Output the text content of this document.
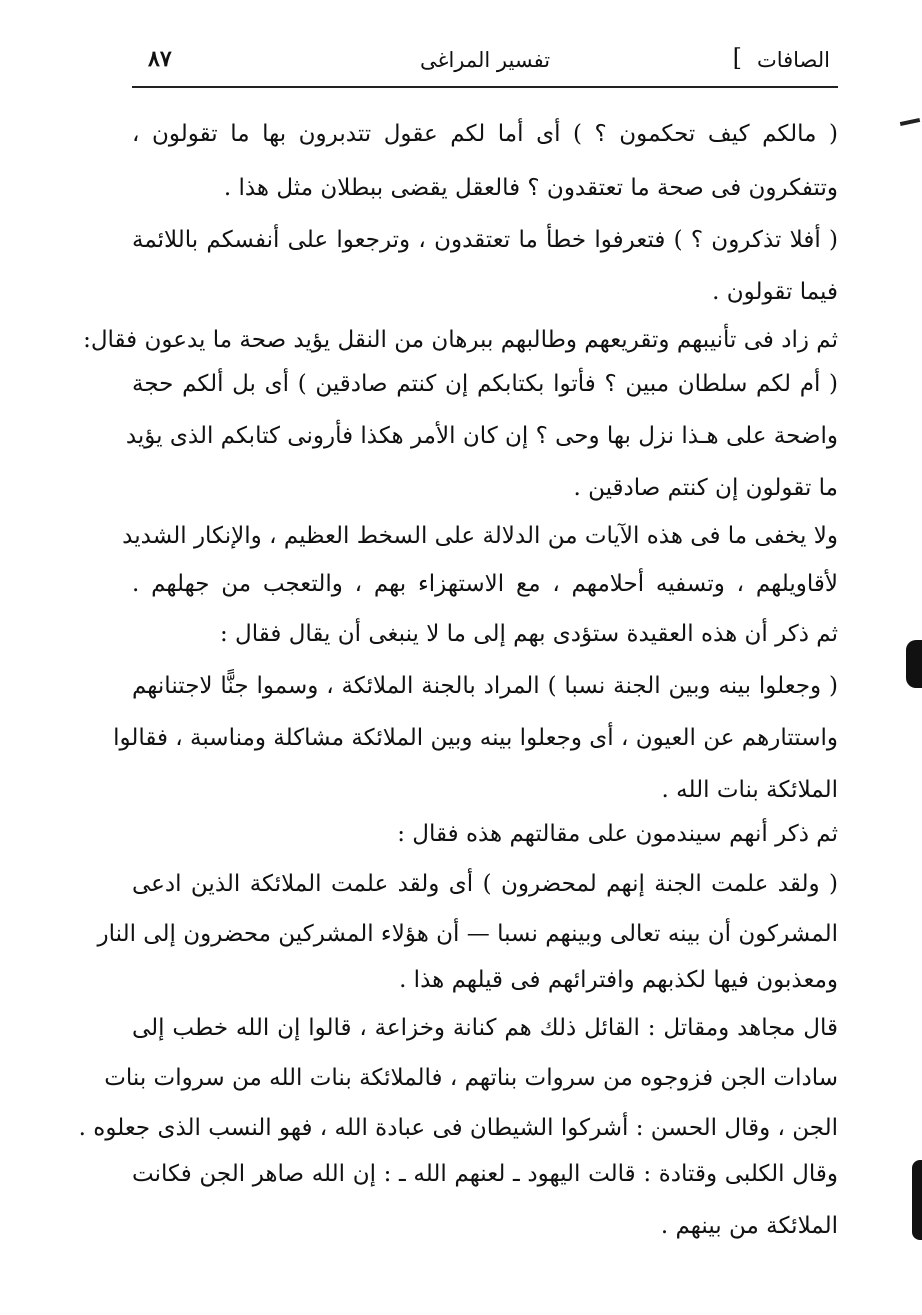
الصافات
]
تفسير المراغى
٨٧
( مالكم كيف تحكمون ؟ ) أى أما لكم عقول تتدبرون بها ما تقولون ،
وتتفكرون فى صحة ما تعتقدون ؟ فالعقل يقضى ببطلان مثل هذا .
( أفلا تذكرون ؟ ) فتعرفوا خطأ ما تعتقدون ، وترجعوا على أنفسكم باللائمة
فيما تقولون .
ثم زاد فى تأنيبهم وتقريعهم وطالبهم ببرهان من النقل يؤيد صحة ما يدعون فقال:
( أم لكم سلطان مبين ؟ فأتوا بكتابكم إن كنتم صادقين ) أى بل ألكم حجة
واضحة على هـذا نزل بها وحى ؟ إن كان الأمر هكذا فأرونى كتابكم الذى يؤيد
ما تقولون إن كنتم صادقين .
ولا يخفى ما فى هذه الآيات من الدلالة على السخط العظيم ، والإنكار الشديد
لأقاويلهم ، وتسفيه أحلامهم ، مع الاستهزاء بهم ، والتعجب من جهلهم .
ثم ذكر أن هذه العقيدة ستؤدى بهم إلى ما لا ينبغى أن يقال فقال :
( وجعلوا بينه وبين الجنة نسبا ) المراد بالجنة الملائكة ، وسموا جنًّا لاجتنانهم
واستتارهم عن العيون ، أى وجعلوا بينه وبين الملائكة مشاكلة ومناسبة ، فقالوا
الملائكة بنات الله .
ثم ذكر أنهم سيندمون على مقالتهم هذه فقال :
( ولقد علمت الجنة إنهم لمحضرون ) أى ولقد علمت الملائكة الذين ادعى
المشركون أن بينه تعالى وبينهم نسبا — أن هؤلاء المشركين محضرون إلى النار
ومعذبون فيها لكذبهم وافترائهم فى قيلهم هذا .
قال مجاهد ومقاتل : القائل ذلك هم كنانة وخزاعة ، قالوا إن الله خطب إلى
سادات الجن فزوجوه من سروات بناتهم ، فالملائكة بنات الله من سروات بنات
الجن ، وقال الحسن : أشركوا الشيطان فى عبادة الله ، فهو النسب الذى جعلوه .
وقال الكلبى وقتادة : قالت اليهود ـ لعنهم الله ـ : إن الله صاهر الجن فكانت
الملائكة من بينهم .
